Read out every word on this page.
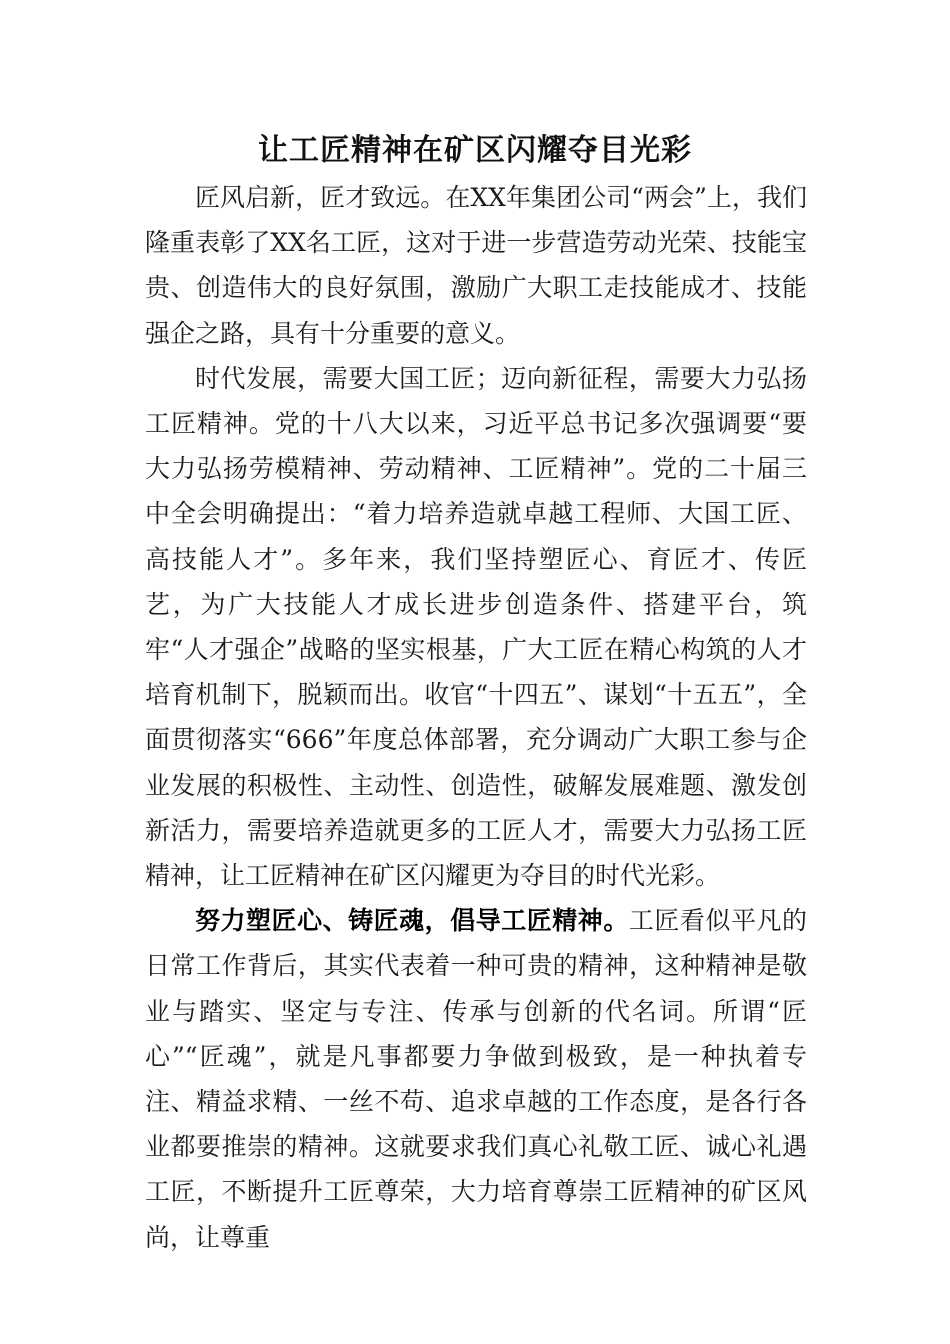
让工匠精神在矿区闪耀夺目光彩

匠风启新，匠才致远。在XX年集团公司“两会”上，我们隆重表彰了XX名工匠，这对于进一步营造劳动光荣、技能宝贵、创造伟大的良好氛围，激励广大职工走技能成才、技能强企之路，具有十分重要的意义。

时代发展，需要大国工匠；迈向新征程，需要大力弘扬工匠精神。党的十八大以来，习近平总书记多次强调要“要大力弘扬劳模精神、劳动精神、工匠精神”。党的二十届三中全会明确提出：“着力培养造就卓越工程师、大国工匠、高技能人才”。多年来，我们坚持塑匠心、育匠才、传匠艺，为广大技能人才成长进步创造条件、搭建平台，筑牢“人才强企”战略的坚实根基，广大工匠在精心构筑的人才培育机制下，脱颖而出。收官“十四五”、谋划“十五五”，全面贯彻落实“666”年度总体部署，充分调动广大职工参与企业发展的积极性、主动性、创造性，破解发展难题、激发创新活力，需要培养造就更多的工匠人才，需要大力弘扬工匠精神，让工匠精神在矿区闪耀更为夺目的时代光彩。

努力塑匠心、铸匠魂，倡导工匠精神。工匠看似平凡的日常工作背后，其实代表着一种可贵的精神，这种精神是敬业与踏实、坚定与专注、传承与创新的代名词。所谓“匠心”“匠魂”，就是凡事都要力争做到极致，是一种执着专注、精益求精、一丝不苟、追求卓越的工作态度，是各行各业都要推崇的精神。这就要求我们真心礼敬工匠、诚心礼遇工匠，不断提升工匠尊荣，大力培育尊崇工匠精神的矿区风尚，让尊重
